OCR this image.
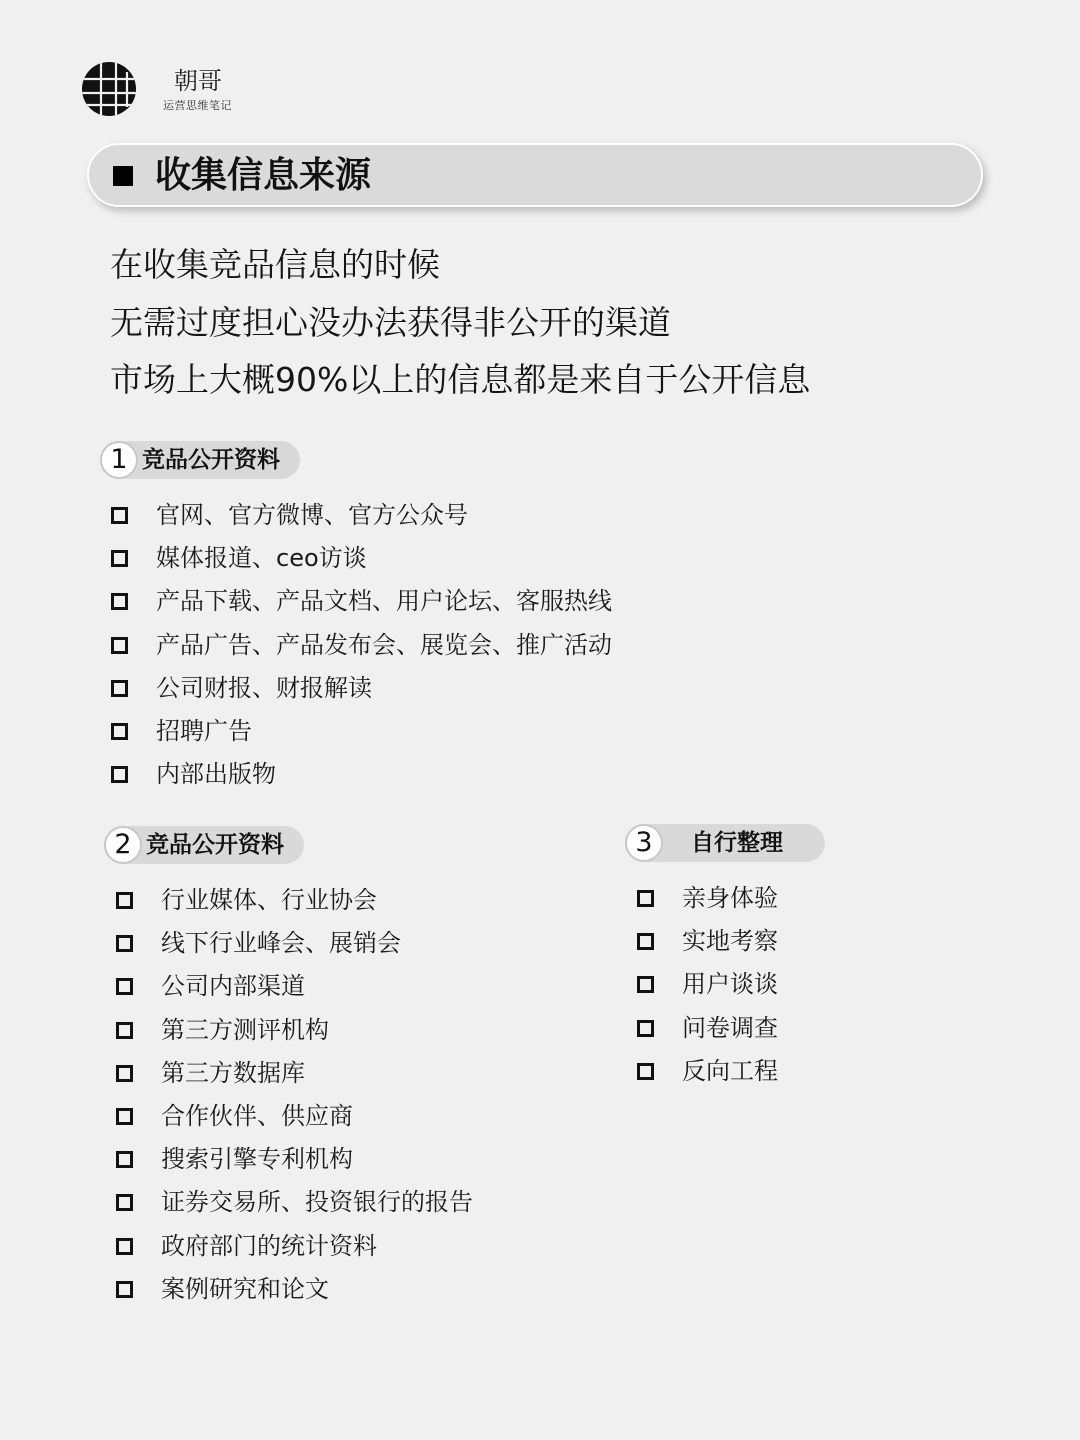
朝哥
运营思维笔记
收集信息来源
在收集竞品信息的时候
无需过度担心没办法获得非公开的渠道
市场上大概90%以上的信息都是来自于公开信息
1 竞品公开资料
官网、官方微博、官方公众号
媒体报道、ceo访谈
产品下载、产品文档、用户论坛、客服热线
产品广告、产品发布会、展览会、推广活动
公司财报、财报解读
招聘广告
内部出版物
2 竞品公开资料
行业媒体、行业协会
线下行业峰会、展销会
公司内部渠道
第三方测评机构
第三方数据库
合作伙伴、供应商
搜索引擎专利机构
证券交易所、投资银行的报告
政府部门的统计资料
案例研究和论文
3	自行整理
亲身体验
实地考察
用户谈谈
问卷调查
反向工程
